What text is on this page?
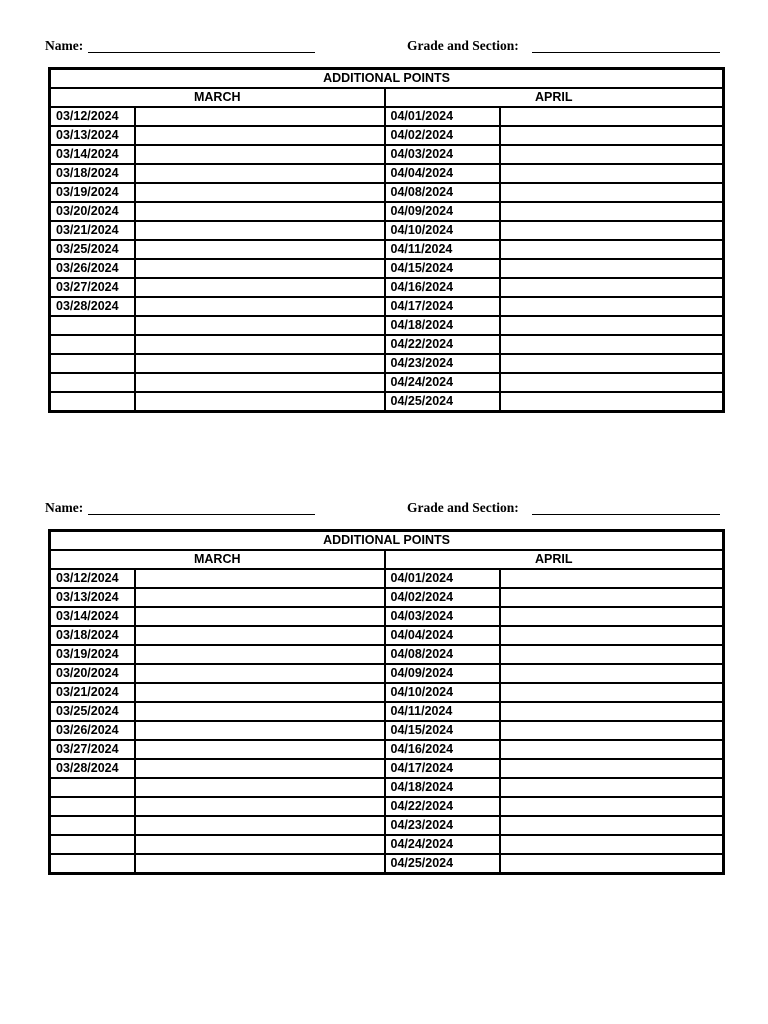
Name:	Grade and Section:
ADDITIONAL POINTS			
MARCH		APRIL	
03/12/2024		04/01/2024	
03/13/2024		04/02/2024	
03/14/2024		04/03/2024	
03/18/2024		04/04/2024	
03/19/2024		04/08/2024	
03/20/2024		04/09/2024	
03/21/2024		04/10/2024	
03/25/2024		04/11/2024	
03/26/2024		04/15/2024	
03/27/2024		04/16/2024	
03/28/2024		04/17/2024	
		04/18/2024	
		04/22/2024	
		04/23/2024	
		04/24/2024	
		04/25/2024	
Name:	Grade and Section:
ADDITIONAL POINTS			
MARCH		APRIL	
03/12/2024		04/01/2024	
03/13/2024		04/02/2024	
03/14/2024		04/03/2024	
03/18/2024		04/04/2024	
03/19/2024		04/08/2024	
03/20/2024		04/09/2024	
03/21/2024		04/10/2024	
03/25/2024		04/11/2024	
03/26/2024		04/15/2024	
03/27/2024		04/16/2024	
03/28/2024		04/17/2024	
		04/18/2024	
		04/22/2024	
		04/23/2024	
		04/24/2024	
		04/25/2024	
